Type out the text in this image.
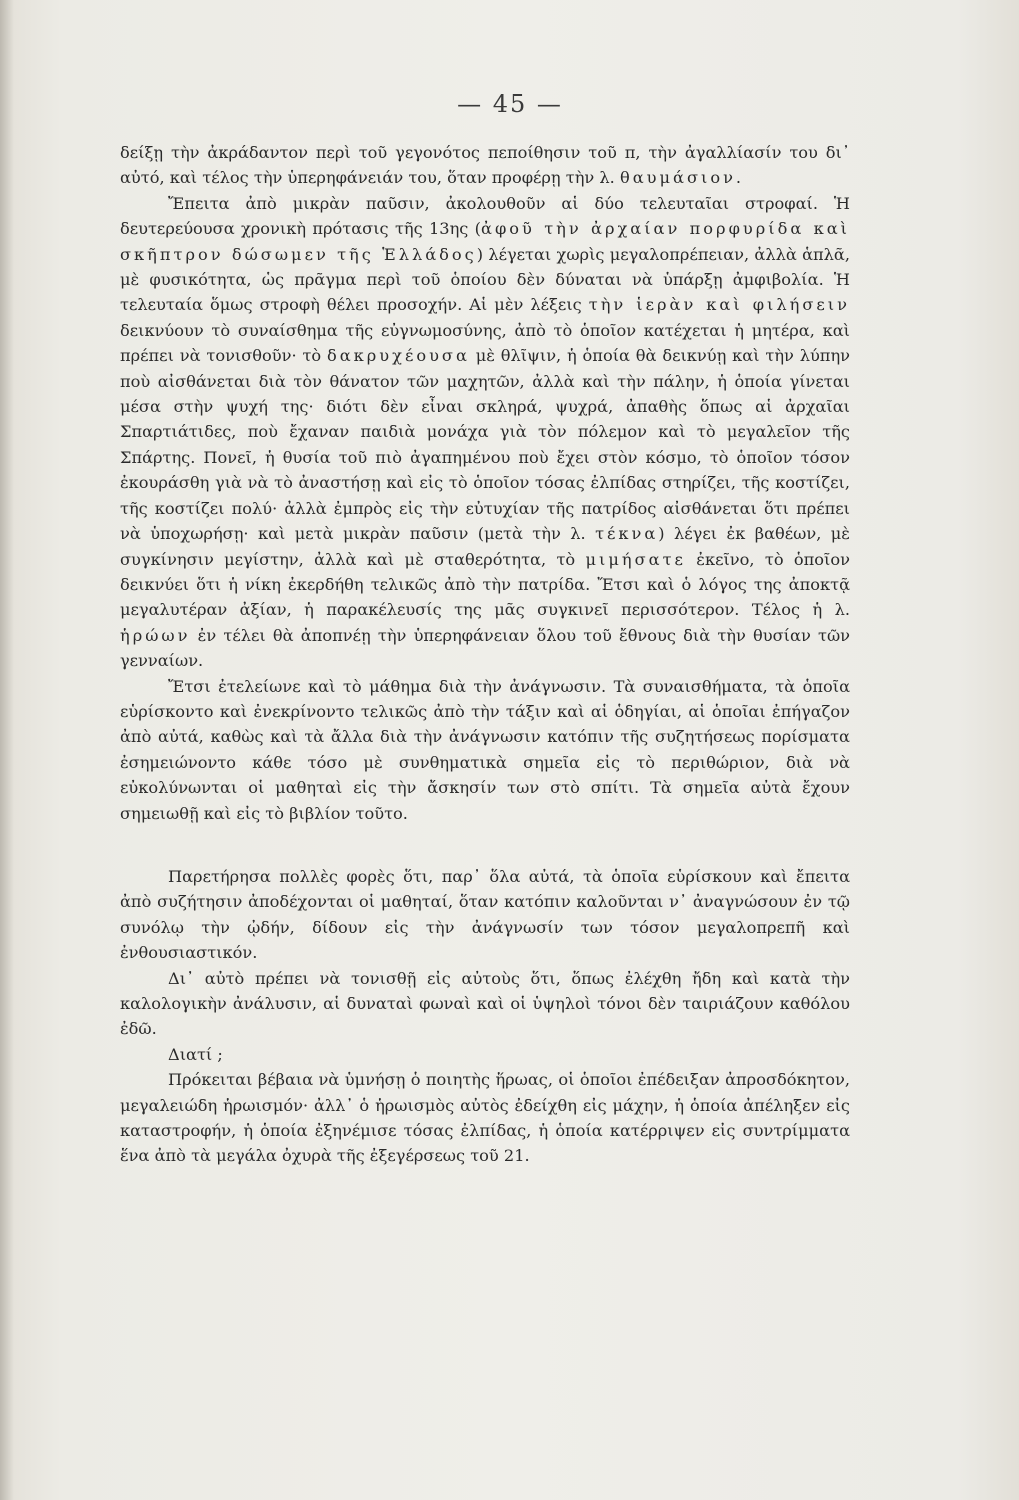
— 45 —

δείξῃ τὴν ἀκράδαντον περὶ τοῦ γεγονότος πεποίθησιν τοῦ π, τὴν ἀγαλλίασίν του δι᾽ αὐτό, καὶ τέλος τὴν ὑπερηφάνειάν του, ὅταν προφέρῃ τὴν λ. θαυμάσιον.

Ἔπειτα ἀπὸ μικρὰν παῦσιν, ἀκολουθοῦν αἱ δύο τελευταῖαι στροφαί. Ἡ δευτερεύουσα χρονικὴ πρότασις τῆς 13ης (ἀφοῦ τὴν ἀρχαίαν πορφυρίδα καὶ σκῆπτρον δώσωμεν τῆς Ἑλλάδος) λέγεται χωρὶς μεγαλοπρέπειαν, ἀλλὰ ἁπλᾶ, μὲ φυσικότητα, ὡς πρᾶγμα περὶ τοῦ ὁποίου δὲν δύναται νὰ ὑπάρξῃ ἀμφιβολία. Ἡ τελευταία ὅμως στροφὴ θέλει προσοχήν. Αἱ μὲν λέξεις τὴν ἱερὰν καὶ φιλήσειν δεικνύουν τὸ συναίσθημα τῆς εὐγνωμοσύνης, ἀπὸ τὸ ὁποῖον κατέχεται ἡ μητέρα, καὶ πρέπει νὰ τονισθοῦν· τὸ δακρυχέουσα μὲ θλῖψιν, ἡ ὁποία θὰ δεικνύῃ καὶ τὴν λύπην ποὺ αἰσθάνεται διὰ τὸν θάνατον τῶν μαχητῶν, ἀλλὰ καὶ τὴν πάλην, ἡ ὁποία γίνεται μέσα στὴν ψυχή της· διότι δὲν εἶναι σκληρά, ψυχρά, ἀπαθὴς ὅπως αἱ ἀρχαῖαι Σπαρτιάτιδες, ποὺ ἔχαναν παιδιὰ μονάχα γιὰ τὸν πόλεμον καὶ τὸ μεγαλεῖον τῆς Σπάρτης. Πονεῖ, ἡ θυσία τοῦ πιὸ ἀγαπημένου ποὺ ἔχει στὸν κόσμο, τὸ ὁποῖον τόσον ἐκουράσθη γιὰ νὰ τὸ ἀναστήσῃ καὶ εἰς τὸ ὁποῖον τόσας ἐλπίδας στηρίζει, τῆς κοστίζει, τῆς κοστίζει πολύ· ἀλλὰ ἐμπρὸς εἰς τὴν εὐτυχίαν τῆς πατρίδος αἰσθάνεται ὅτι πρέπει νὰ ὑποχωρήσῃ· καὶ μετὰ μικρὰν παῦσιν (μετὰ τὴν λ. τέκνα) λέγει ἐκ βαθέων, μὲ συγκίνησιν μεγίστην, ἀλλὰ καὶ μὲ σταθερότητα, τὸ μιμήσατε ἐκεῖνο, τὸ ὁποῖον δεικνύει ὅτι ἡ νίκη ἐκερδήθη τελικῶς ἀπὸ τὴν πατρίδα. Ἔτσι καὶ ὁ λόγος της ἀποκτᾷ μεγαλυτέραν ἀξίαν, ἡ παρακέλευσίς της μᾶς συγκινεῖ περισσότερον. Τέλος ἡ λ. ἡρώων ἐν τέλει θὰ ἀποπνέῃ τὴν ὑπερηφάνειαν ὅλου τοῦ ἔθνους διὰ τὴν θυσίαν τῶν γενναίων.

Ἔτσι ἐτελείωνε καὶ τὸ μάθημα διὰ τὴν ἀνάγνωσιν. Τὰ συναισθήματα, τὰ ὁποῖα εὑρίσκοντο καὶ ἐνεκρίνοντο τελικῶς ἀπὸ τὴν τάξιν καὶ αἱ ὁδηγίαι, αἱ ὁποῖαι ἐπήγαζον ἀπὸ αὐτά, καθὼς καὶ τὰ ἄλλα διὰ τὴν ἀνάγνωσιν κατόπιν τῆς συζητήσεως πορίσματα ἐσημειώνοντο κάθε τόσο μὲ συνθηματικὰ σημεῖα εἰς τὸ περιθώριον, διὰ νὰ εὐκολύνωνται οἱ μαθηταὶ εἰς τὴν ἄσκησίν των στὸ σπίτι. Τὰ σημεῖα αὐτὰ ἔχουν σημειωθῇ καὶ εἰς τὸ βιβλίον τοῦτο.

Παρετήρησα πολλὲς φορὲς ὅτι, παρ᾽ ὅλα αὐτά, τὰ ὁποῖα εὑρίσκουν καὶ ἔπειτα ἀπὸ συζήτησιν ἀποδέχονται οἱ μαθηταί, ὅταν κατόπιν καλοῦνται ν᾽ ἀναγνώσουν ἐν τῷ συνόλῳ τὴν ᾠδήν, δίδουν εἰς τὴν ἀνάγνωσίν των τόσον μεγαλοπρεπῆ καὶ ἐνθουσιαστικόν.

Δι᾽ αὐτὸ πρέπει νὰ τονισθῇ εἰς αὐτοὺς ὅτι, ὅπως ἐλέχθη ἤδη καὶ κατὰ τὴν καλολογικὴν ἀνάλυσιν, αἱ δυναταὶ φωναὶ καὶ οἱ ὑψηλοὶ τόνοι δὲν ταιριάζουν καθόλου ἐδῶ.

Διατί ;

Πρόκειται βέβαια νὰ ὑμνήσῃ ὁ ποιητὴς ἥρωας, οἱ ὁποῖοι ἐπέδειξαν ἀπροσδόκητον, μεγαλειώδη ἡρωισμόν· ἀλλ᾽ ὁ ἡρωισμὸς αὐτὸς ἐδείχθη εἰς μάχην, ἡ ὁποία ἀπέληξεν εἰς καταστροφήν, ἡ ὁποία ἐξηνέμισε τόσας ἐλπίδας, ἡ ὁποία κατέρριψεν εἰς συντρίμματα ἕνα ἀπὸ τὰ μεγάλα ὀχυρὰ τῆς ἐξεγέρσεως τοῦ 21.
